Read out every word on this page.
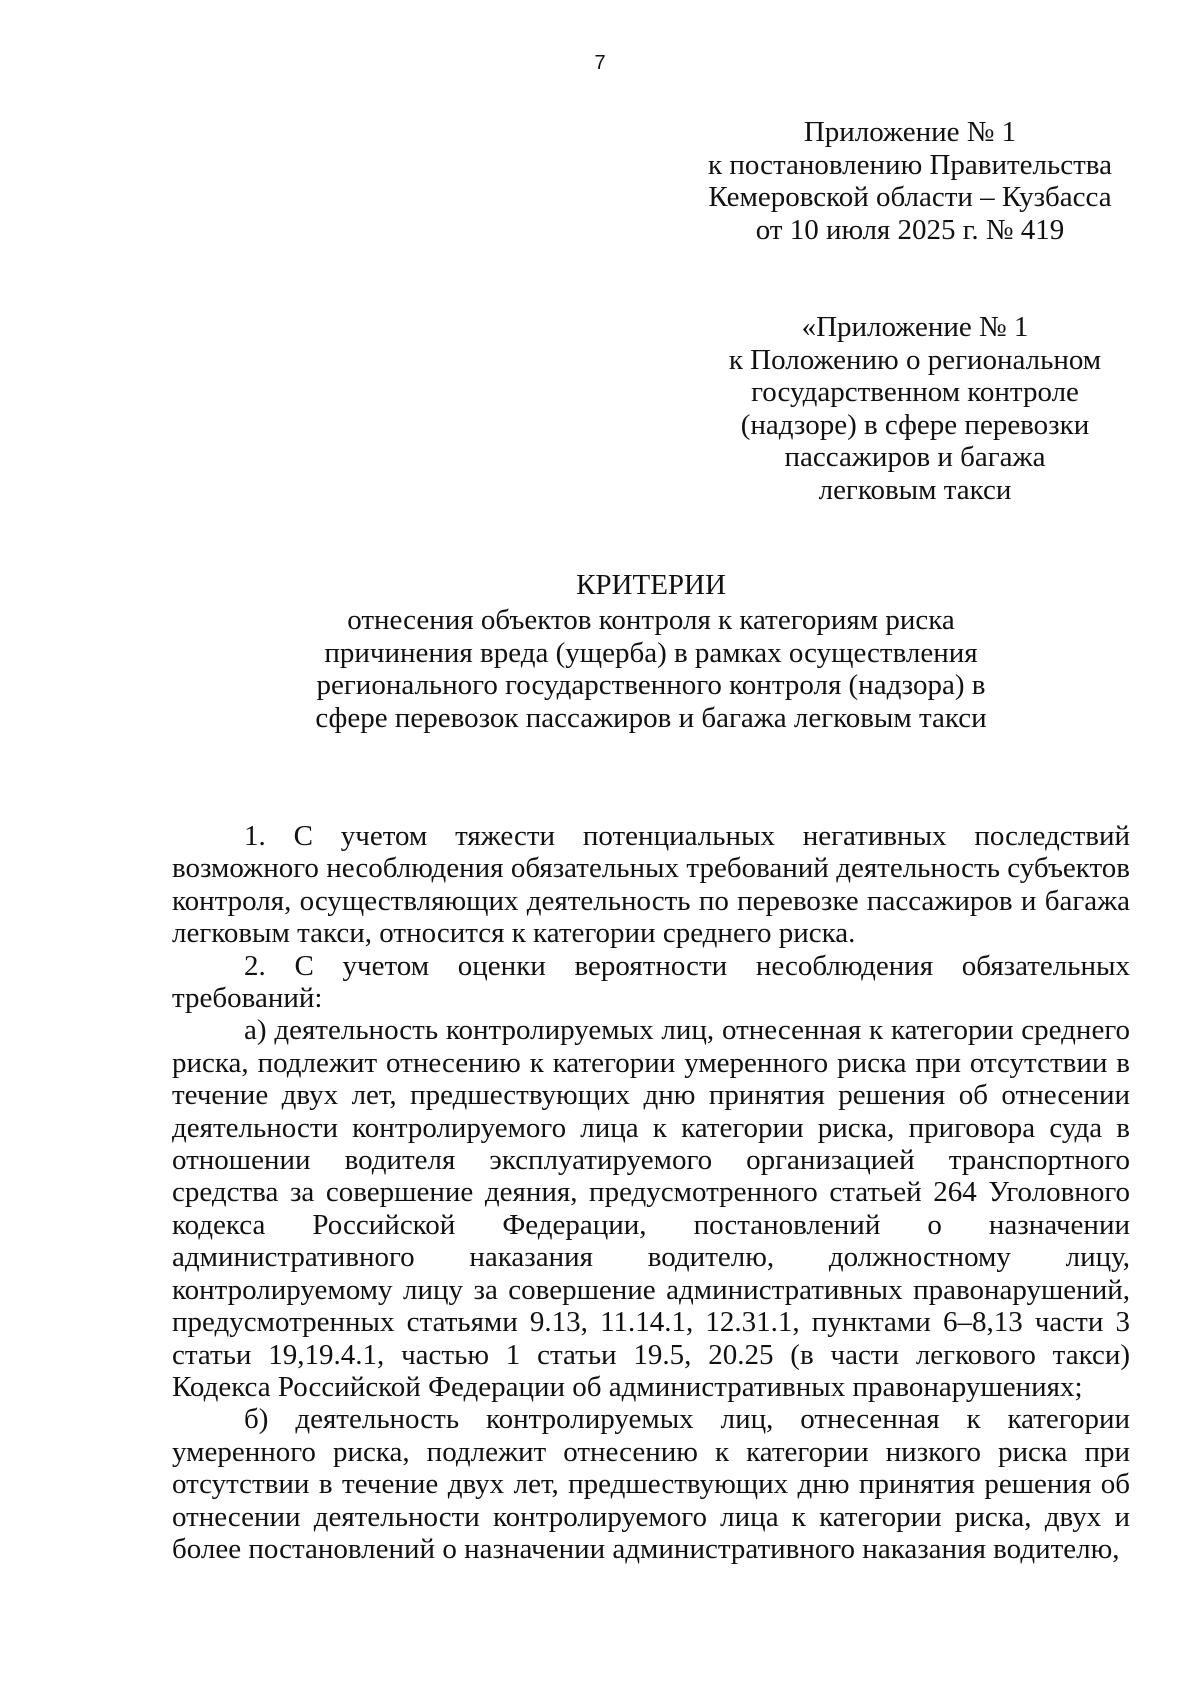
7
Приложение № 1
к постановлению Правительства
Кемеровской области – Кузбасса
от 10 июля 2025 г. № 419
«Приложение № 1
к Положению о региональном
государственном контроле
(надзоре) в сфере перевозки
пассажиров и багажа
легковым такси
КРИТЕРИИ
отнесения объектов контроля к категориям риска
причинения вреда (ущерба) в рамках осуществления
регионального государственного контроля (надзора) в
сфере перевозок пассажиров и багажа легковым такси

1. С учетом тяжести потенциальных негативных последствий возможного несоблюдения обязательных требований деятельность субъектов контроля, осуществляющих деятельность по перевозке пассажиров и багажа легковым такси, относится к категории среднего риска.

2. С учетом оценки вероятности несоблюдения обязательных требований:

а) деятельность контролируемых лиц, отнесенная к категории среднего риска, подлежит отнесению к категории умеренного риска при отсутствии в течение двух лет, предшествующих дню принятия решения об отнесении деятельности контролируемого лица к категории риска, приговора суда в отношении водителя эксплуатируемого организацией транспортного средства за совершение деяния, предусмотренного статьей 264 Уголовного кодекса Российской Федерации, постановлений о назначении административного наказания водителю, должностному лицу, контролируемому лицу за совершение административных правонарушений, предусмотренных статьями 9.13, 11.14.1, 12.31.1, пунктами 6–8,13 части 3 статьи 19,19.4.1, частью 1 статьи 19.5, 20.25 (в части легкового такси) Кодекса Российской Федерации об административных правонарушениях;

б) деятельность контролируемых лиц, отнесенная к категории умеренного риска, подлежит отнесению к категории низкого риска при отсутствии в течение двух лет, предшествующих дню принятия решения об отнесении деятельности контролируемого лица к категории риска, двух и более постановлений о назначении административного наказания водителю,
